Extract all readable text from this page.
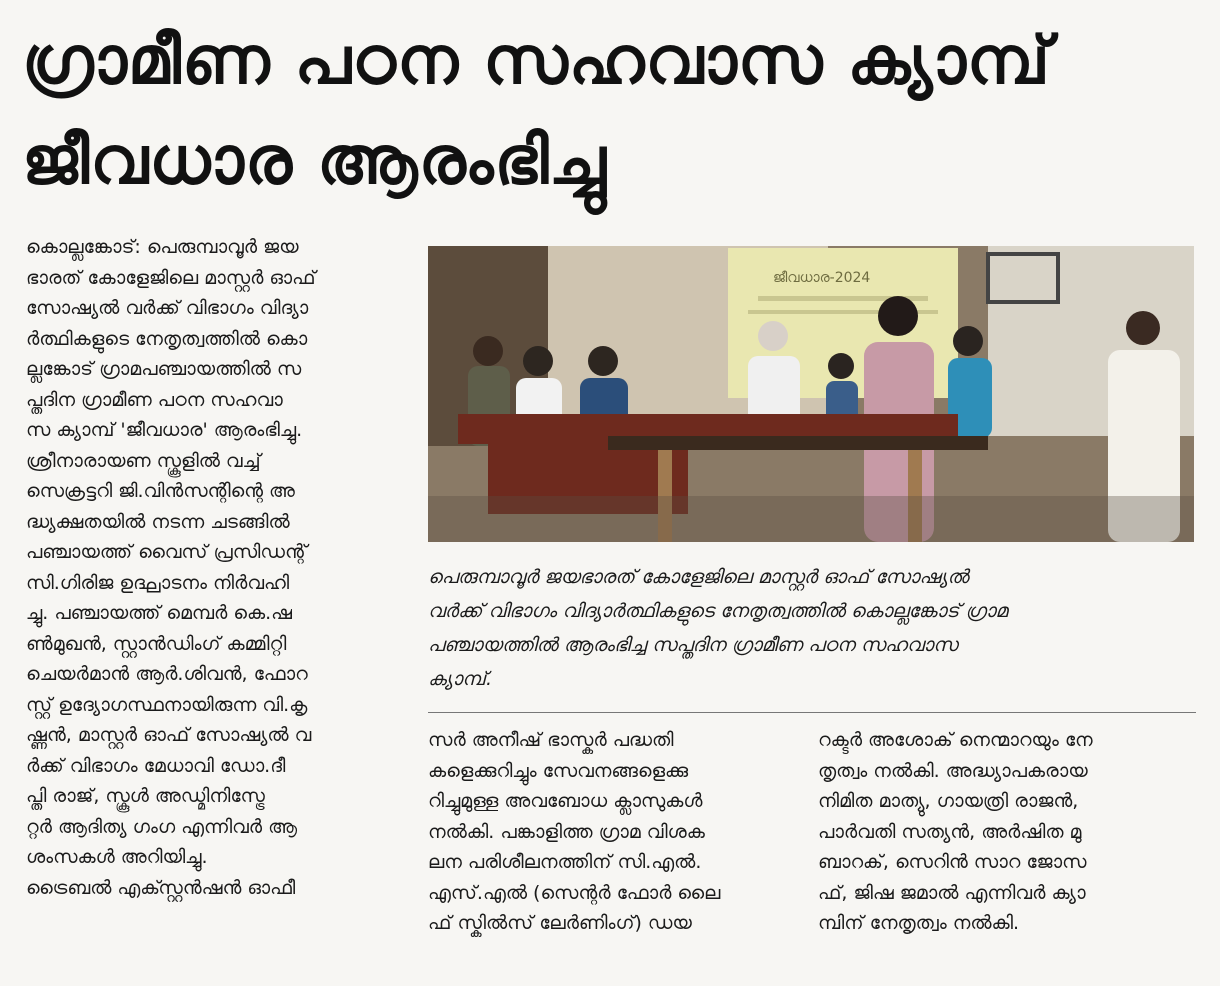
ഗ്രാമീണ പഠന സഹവാസ ക്യാമ്പ്
ജീവധാര ആരംഭിച്ചു

കൊല്ലങ്കോട്: പെരുമ്പാവൂർ ജയ

ഭാരത് കോളേജിലെ മാസ്റ്റർ ഓഫ്

സോഷ്യൽ വർക്ക് വിഭാഗം വിദ്യാ

ർത്ഥികളുടെ നേതൃത്വത്തിൽ കൊ

ല്ലങ്കോട് ഗ്രാമപഞ്ചായത്തിൽ സ

പ്തദിന ഗ്രാമീണ പഠന സഹവാ

സ ക്യാമ്പ് 'ജീവധാര' ആരംഭിച്ചു.

ശ്രീനാരായണ സ്കൂളിൽ വച്ച്

സെക്രട്ടറി ജി.വിൻസന്റിന്റെ അ

ദ്ധ്യക്ഷതയിൽ നടന്ന ചടങ്ങിൽ

പഞ്ചായത്ത് വൈസ് പ്രസിഡന്റ്

സി.ഗിരിജ ഉദ്ഘാടനം നിർവഹി

ച്ചു. പഞ്ചായത്ത് മെമ്പർ കെ.ഷ

ൺമുഖൻ, സ്റ്റാൻഡിംഗ് കമ്മിറ്റി

ചെയർമാൻ ആർ.ശിവൻ, ഫോറ

സ്റ്റ് ഉദ്യോഗസ്ഥനായിരുന്ന വി.കൃ

ഷ്ണൻ, മാസ്റ്റർ ഓഫ് സോഷ്യൽ വ

ർക്ക് വിഭാഗം മേധാവി ഡോ.ദീ

പ്തി രാജ്, സ്കൂൾ അഡ്മിനിസ്ട്രേ

റ്റർ ആദിത്യ ഗംഗ എന്നിവർ ആ

ശംസകൾ അറിയിച്ചു.

ട്രൈബൽ എക്സ്റ്റൻഷൻ ഓഫീ

ജീവധാര-2024

പെരുമ്പാവൂർ ജയഭാരത് കോളേജിലെ മാസ്റ്റർ ഓഫ് സോഷ്യൽ

വർക്ക് വിഭാഗം വിദ്യാർത്ഥികളുടെ നേതൃത്വത്തിൽ കൊല്ലങ്കോട് ഗ്രാമ

പഞ്ചായത്തിൽ ആരംഭിച്ച സപ്തദിന ഗ്രാമീണ പഠന സഹവാസ

ക്യാമ്പ്.

സർ അനീഷ് ഭാസ്കർ പദ്ധതി

കളെക്കുറിച്ചും സേവനങ്ങളെക്കു

റിച്ചുമുള്ള അവബോധ ക്ലാസുകൾ

നൽകി. പങ്കാളിത്ത ഗ്രാമ വിശക

ലന പരിശീലനത്തിന് സി.എൽ.

എസ്.എൽ (സെന്റർ ഫോർ ലൈ

ഫ് സ്കിൽസ് ലേർണിംഗ്) ഡയ

റക്ടർ അശോക് നെന്മാറയും നേ

തൃത്വം നൽകി. അദ്ധ്യാപകരായ

നിമിത മാത്യു, ഗായത്രി രാജൻ,

പാർവതി സത്യൻ, അർഷിത മു

ബാറക്, സെറിൻ സാറ ജോസ

ഫ്, ജിഷ ജമാൽ എന്നിവർ ക്യാ

മ്പിന് നേതൃത്വം നൽകി.
